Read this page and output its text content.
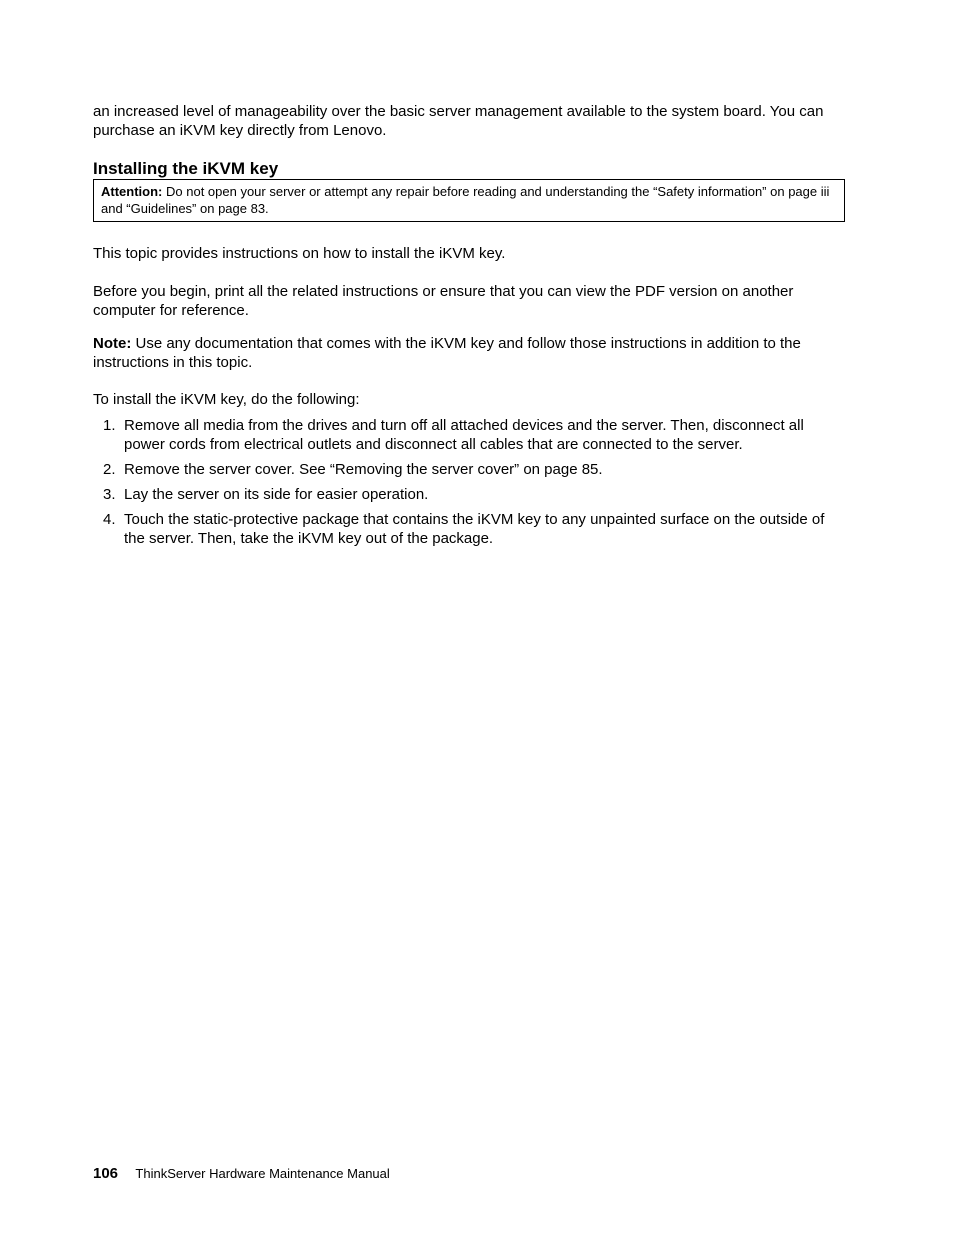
an increased level of manageability over the basic server management available to the system board. You can purchase an iKVM key directly from Lenovo.

Installing the iKVM key
Attention: Do not open your server or attempt any repair before reading and understanding the “Safety information” on page iii and “Guidelines” on page 83.

This topic provides instructions on how to install the iKVM key.

Before you begin, print all the related instructions or ensure that you can view the PDF version on another computer for reference.

Note: Use any documentation that comes with the iKVM key and follow those instructions in addition to the instructions in this topic.

To install the iKVM key, do the following:

1. Remove all media from the drives and turn off all attached devices and the server. Then, disconnect all power cords from electrical outlets and disconnect all cables that are connected to the server.
2. Remove the server cover. See “Removing the server cover” on page 85.
3. Lay the server on its side for easier operation.
4. Touch the static-protective package that contains the iKVM key to any unpainted surface on the outside of the server. Then, take the iKVM key out of the package.
106 ThinkServer Hardware Maintenance Manual
